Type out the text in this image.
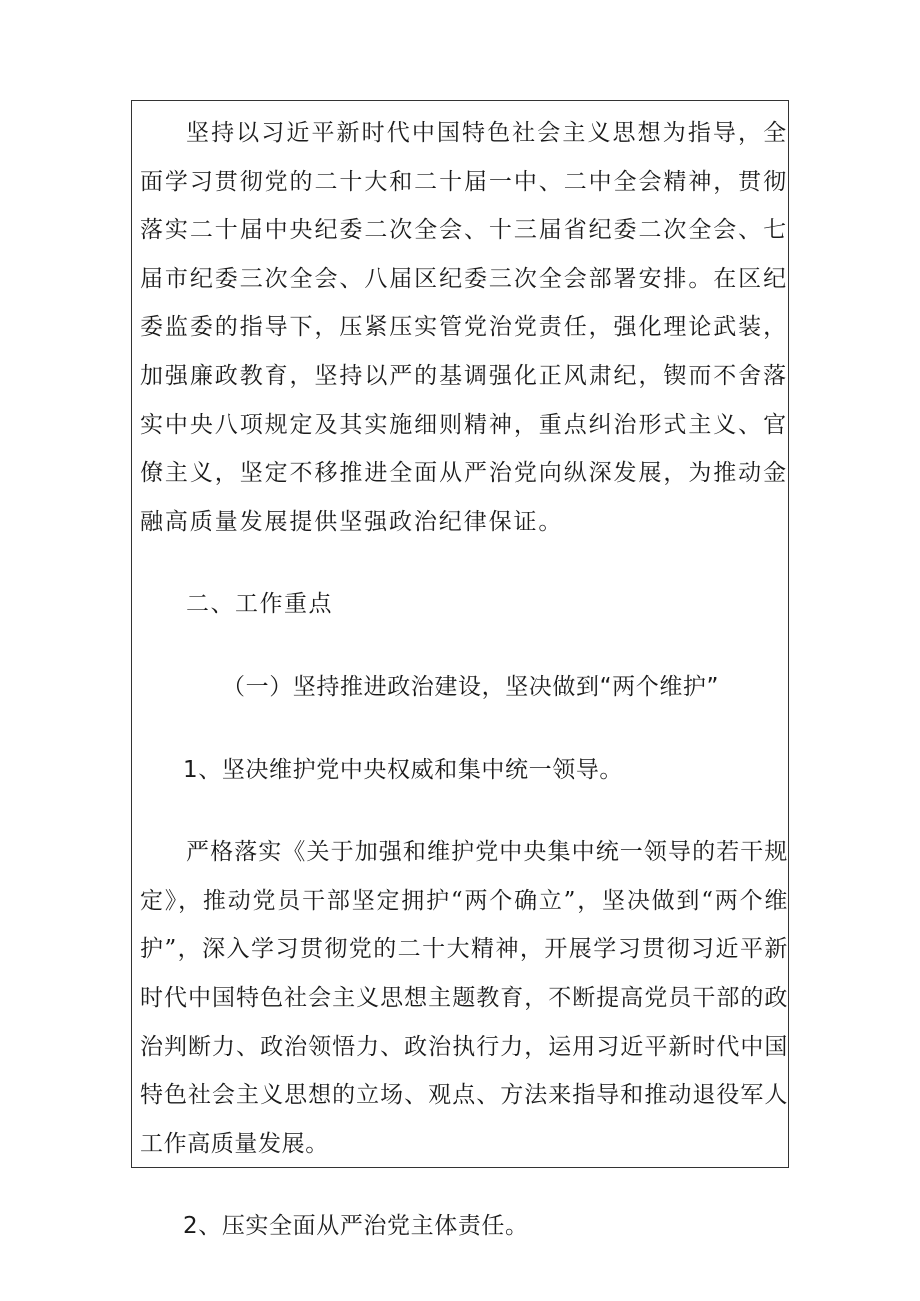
坚持以习近平新时代中国特色社会主义思想为指导，全面学习贯彻党的二十大和二十届一中、二中全会精神，贯彻落实二十届中央纪委二次全会、十三届省纪委二次全会、七届市纪委三次全会、八届区纪委三次全会部署安排。在区纪委监委的指导下，压紧压实管党治党责任，强化理论武装，加强廉政教育，坚持以严的基调强化正风肃纪，锲而不舍落实中央八项规定及其实施细则精神，重点纠治形式主义、官僚主义，坚定不移推进全面从严治党向纵深发展，为推动金融高质量发展提供坚强政治纪律保证。

二、工作重点

（一）坚持推进政治建设，坚决做到“两个维护”

1、坚决维护党中央权威和集中统一领导。

严格落实《关于加强和维护党中央集中统一领导的若干规定》，推动党员干部坚定拥护“两个确立”，坚决做到“两个维护”，深入学习贯彻党的二十大精神，开展学习贯彻习近平新时代中国特色社会主义思想主题教育，不断提高党员干部的政治判断力、政治领悟力、政治执行力，运用习近平新时代中国特色社会主义思想的立场、观点、方法来指导和推动退役军人工作高质量发展。

2、压实全面从严治党主体责任。
